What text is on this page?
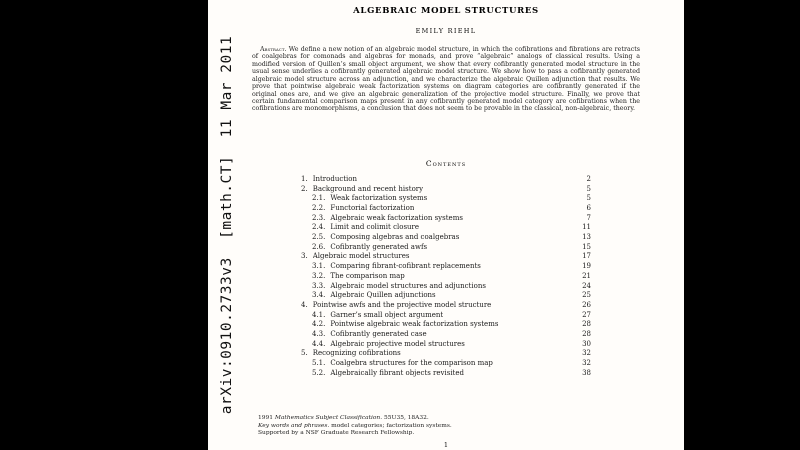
arXiv:0910.2733v3  [math.CT]  11 Mar 2011
ALGEBRAIC MODEL STRUCTURES
EMILY RIEHL

Abstract. We define a new notion of an algebraic model structure, in which the cofibrations and fibrations are retracts of coalgebras for comonads and algebras for monads, and prove “algebraic” analogs of classical results. Using a modified version of Quillen’s small object argument, we show that every cofibrantly generated model structure in the usual sense underlies a cofibrantly generated algebraic model structure. We show how to pass a cofibrantly generated algebraic model structure across an adjunction, and we characterize the algebraic Quillen adjunction that results. We prove that pointwise algebraic weak factorization systems on diagram categories are cofibrantly generated if the original ones are, and we give an algebraic generalization of the projective model structure. Finally, we prove that certain fundamental comparison maps present in any cofibrantly generated model category are cofibrations when the cofibrations are monomorphisms, a conclusion that does not seem to be provable in the classical, non-algebraic, theory.

Contents
1. Introduction	2
2. Background and recent history	5
2.1. Weak factorization systems	5
2.2. Functorial factorization	6
2.3. Algebraic weak factorization systems	7
2.4. Limit and colimit closure	11
2.5. Composing algebras and coalgebras	13
2.6. Cofibrantly generated awfs	15
3. Algebraic model structures	17
3.1. Comparing fibrant-cofibrant replacements	19
3.2. The comparison map	21
3.3. Algebraic model structures and adjunctions	24
3.4. Algebraic Quillen adjunctions	25
4. Pointwise awfs and the projective model structure	26
4.1. Garner’s small object argument	27
4.2. Pointwise algebraic weak factorization systems	28
4.3. Cofibrantly generated case	28
4.4. Algebraic projective model structures	30
5. Recognizing cofibrations	32
5.1. Coalgebra structures for the comparison map	32
5.2. Algebraically fibrant objects revisited	38
1991 Mathematics Subject Classification. 55U35, 18A32.
Key words and phrases. model categories; factorization systems.
Supported by a NSF Graduate Research Fellowship.
1
